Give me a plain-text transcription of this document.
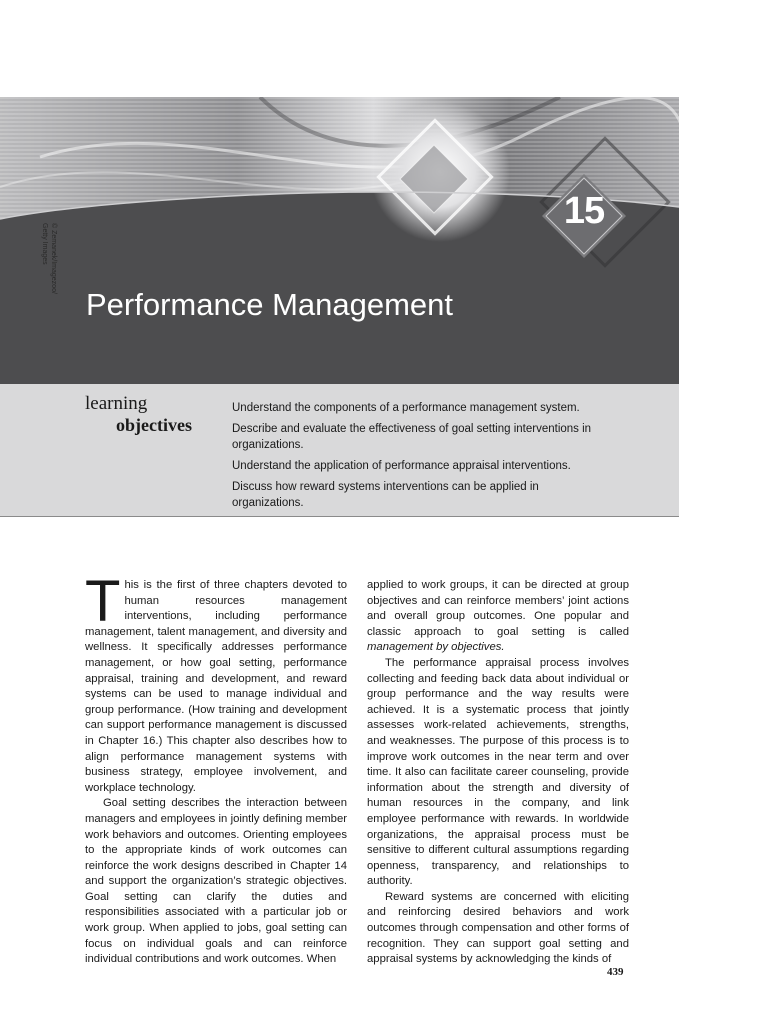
© Zemanek/Imagezoo/
Getty Images
15
Performance Management
learning
objectives
Understand the components of a performance management system.
Describe and evaluate the effectiveness of goal setting interventions in organizations.
Understand the application of performance appraisal interventions.
Discuss how reward systems interventions can be applied in organizations.

This is the first of three chapters devoted to human resources management interventions, including performance management, talent management, and diversity and wellness. It specifically addresses performance management, or how goal setting, performance appraisal, training and development, and reward systems can be used to manage individual and group performance. (How training and development can support performance management is discussed in Chapter 16.) This chapter also describes how to align performance management systems with business strategy, employee involvement, and workplace technology.

Goal setting describes the interaction between managers and employees in jointly defining member work behaviors and outcomes. Orienting employees to the appropriate kinds of work outcomes can reinforce the work designs described in Chapter 14 and support the organization’s strategic objectives. Goal setting can clarify the duties and responsibilities associated with a particular job or work group. When applied to jobs, goal setting can focus on individual goals and can reinforce individual contributions and work outcomes. When

applied to work groups, it can be directed at group objectives and can reinforce members’ joint actions and overall group outcomes. One popular and classic approach to goal setting is called management by objectives.

The performance appraisal process involves collecting and feeding back data about individual or group performance and the way results were achieved. It is a systematic process that jointly assesses work-related achievements, strengths, and weaknesses. The purpose of this process is to improve work outcomes in the near term and over time. It also can facilitate career counseling, provide information about the strength and diversity of human resources in the company, and link employee performance with rewards. In worldwide organizations, the appraisal process must be sensitive to different cultural assumptions regarding openness, transparency, and relationships to authority.

Reward systems are concerned with eliciting and reinforcing desired behaviors and work outcomes through compensation and other forms of recognition. They can support goal setting and appraisal systems by acknowledging the kinds of

439
